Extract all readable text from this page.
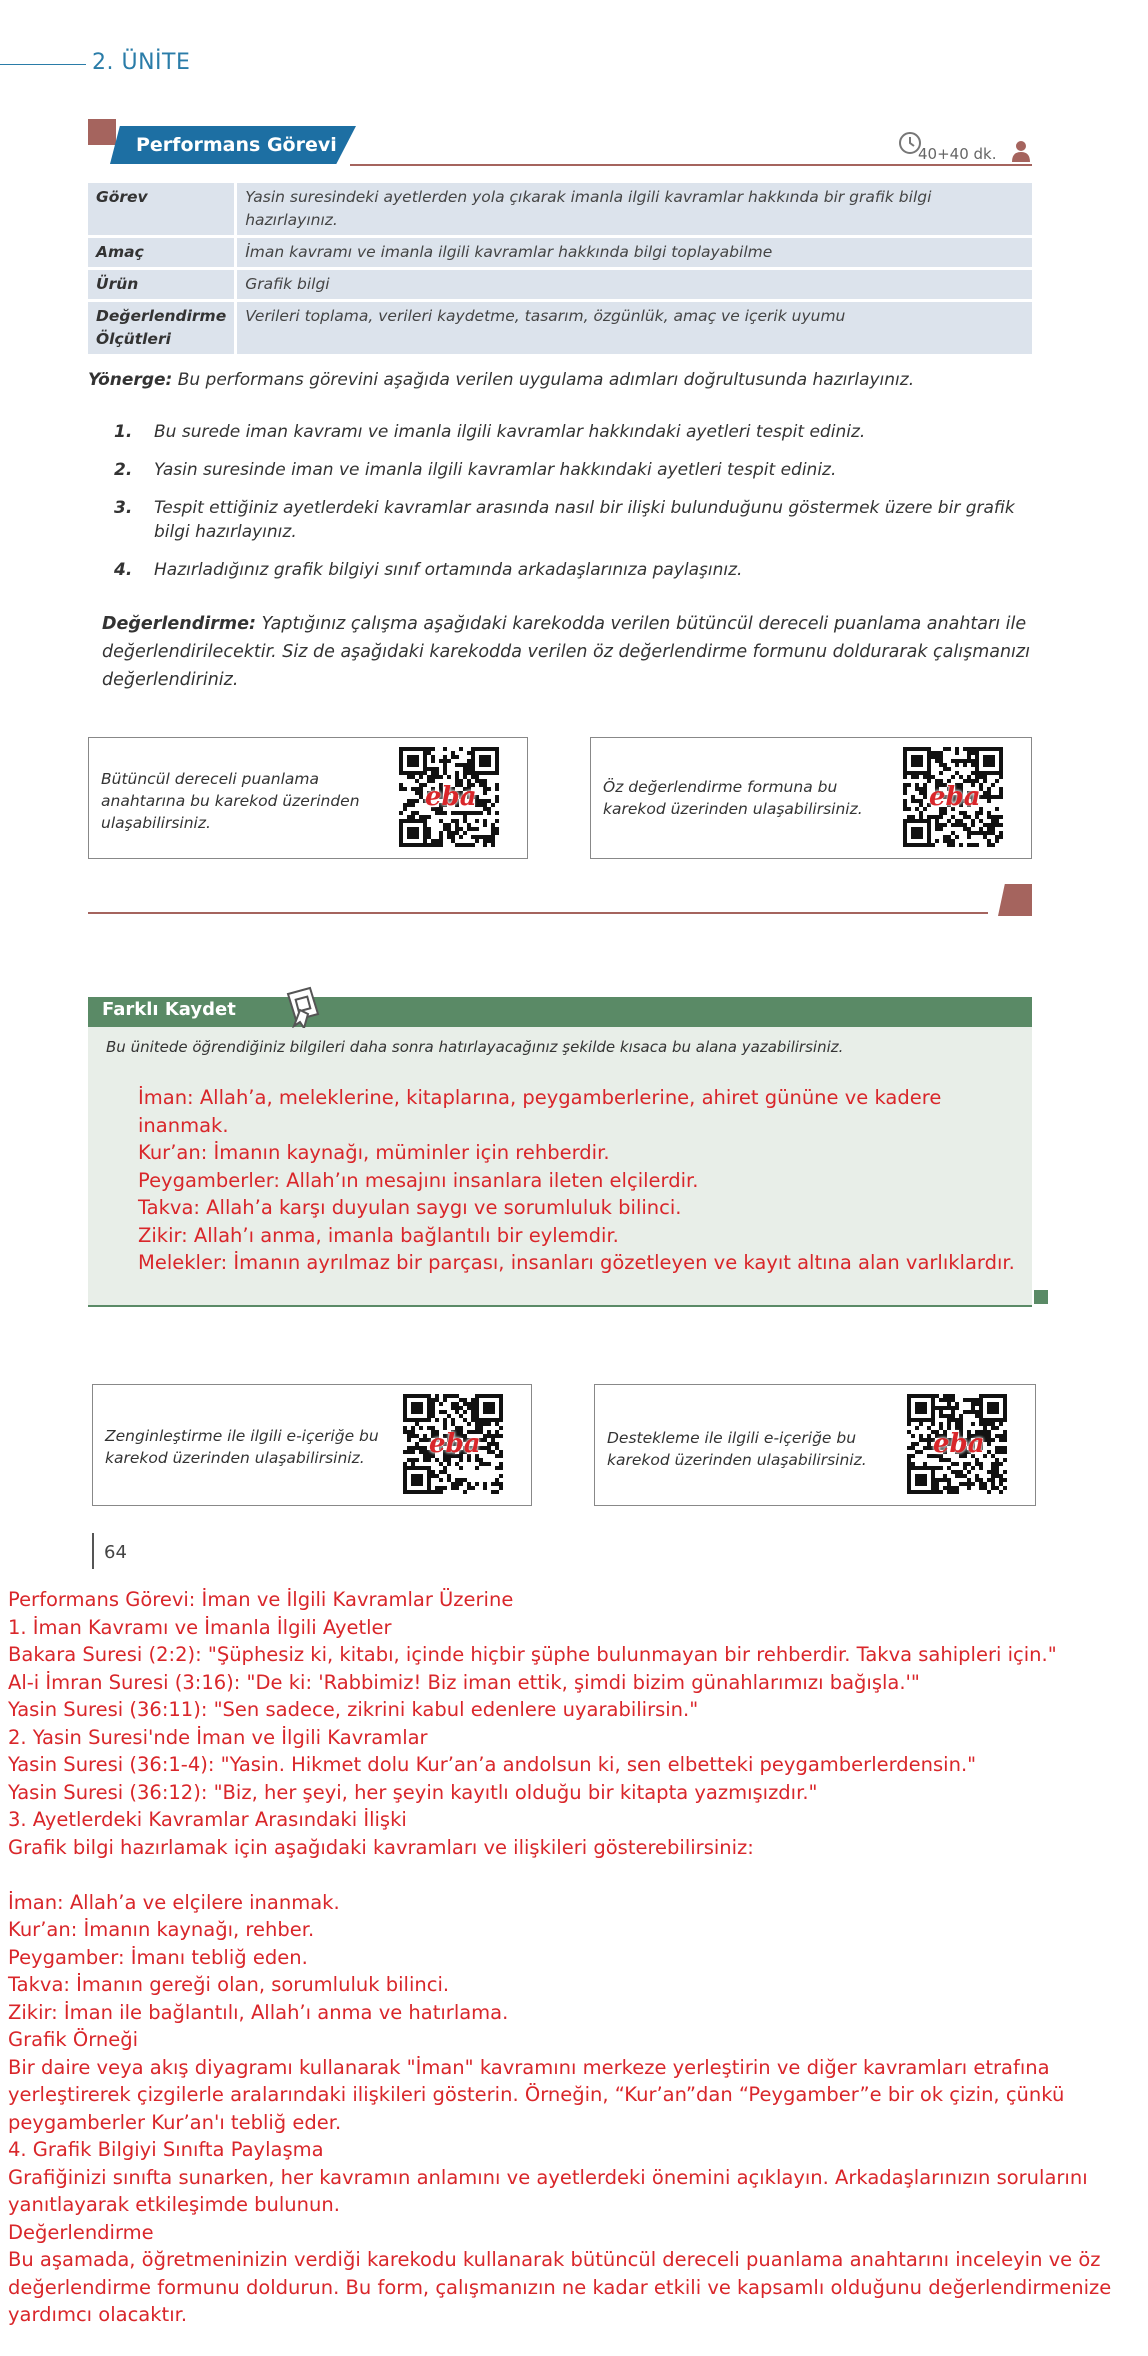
2. ÜNİTE
Performans Görevi	40+40 dk.
Görev	Yasin suresindeki ayetlerden yola çıkarak imanla ilgili kavramlar hakkında bir grafik bilgi hazırlayınız.
Amaç	İman kavramı ve imanla ilgili kavramlar hakkında bilgi toplayabilme
Ürün	Grafik bilgi
Değerlendirme Ölçütleri	Verileri toplama, verileri kaydetme, tasarım, özgünlük, amaç ve içerik uyumu
Yönerge: Bu performans görevini aşağıda verilen uygulama adımları doğrultusunda hazırlayınız.
1. Bu surede iman kavramı ve imanla ilgili kavramlar hakkındaki ayetleri tespit ediniz.
2. Yasin suresinde iman ve imanla ilgili kavramlar hakkındaki ayetleri tespit ediniz.
3. Tespit ettiğiniz ayetlerdeki kavramlar arasında nasıl bir ilişki bulunduğunu göstermek üzere bir grafik bilgi hazırlayınız.
4. Hazırladığınız grafik bilgiyi sınıf ortamında arkadaşlarınıza paylaşınız.
Değerlendirme: Yaptığınız çalışma aşağıdaki karekodda verilen bütüncül dereceli puanlama anahtarı ile değerlendirilecektir. Siz de aşağıdaki karekodda verilen öz değerlendirme formunu doldurarak çalışmanızı değerlendiriniz.
Bütüncül dereceli puanlama anahtarına bu karekod üzerinden ulaşabilirsiniz.
eba	Öz değerlendirme formuna bu karekod üzerinden ulaşabilirsiniz.	eba
Farklı Kaydet
Bu ünitede öğrendiğiniz bilgileri daha sonra hatırlayacağınız şekilde kısaca bu alana yazabilirsiniz.
İman: Allah’a, meleklerine, kitaplarına, peygamberlerine, ahiret gününe ve kadere inanmak.
Kur’an: İmanın kaynağı, müminler için rehberdir.
Peygamberler: Allah’ın mesajını insanlara ileten elçilerdir.
Takva: Allah’a karşı duyulan saygı ve sorumluluk bilinci.
Zikir: Allah’ı anma, imanla bağlantılı bir eylemdir.
Melekler: İmanın ayrılmaz bir parçası, insanları gözetleyen ve kayıt altına alan varlıklardır.
Zenginleştirme ile ilgili e-içeriğe bu karekod üzerinden ulaşabilirsiniz.	eba	Destekleme ile ilgili e-içeriğe bu karekod üzerinden ulaşabilirsiniz.
eba
64
Performans Görevi: İman ve İlgili Kavramlar Üzerine
1. İman Kavramı ve İmanla İlgili Ayetler
Bakara Suresi (2:2): "Şüphesiz ki, kitabı, içinde hiçbir şüphe bulunmayan bir rehberdir. Takva sahipleri için."
Al-i İmran Suresi (3:16): "De ki: 'Rabbimiz! Biz iman ettik, şimdi bizim günahlarımızı bağışla.'"
Yasin Suresi (36:11): "Sen sadece, zikrini kabul edenlere uyarabilirsin."
2. Yasin Suresi'nde İman ve İlgili Kavramlar
Yasin Suresi (36:1-4): "Yasin. Hikmet dolu Kur’an’a andolsun ki, sen elbetteki peygamberlerdensin."
Yasin Suresi (36:12): "Biz, her şeyi, her şeyin kayıtlı olduğu bir kitapta yazmışızdır."
3. Ayetlerdeki Kavramlar Arasındaki İlişki
Grafik bilgi hazırlamak için aşağıdaki kavramları ve ilişkileri gösterebilirsiniz:
İman: Allah’a ve elçilere inanmak.
Kur’an: İmanın kaynağı, rehber.
Peygamber: İmanı tebliğ eden.
Takva: İmanın gereği olan, sorumluluk bilinci.
Zikir: İman ile bağlantılı, Allah’ı anma ve hatırlama.
Grafik Örneği
Bir daire veya akış diyagramı kullanarak "İman" kavramını merkeze yerleştirin ve diğer kavramları etrafına yerleştirerek çizgilerle aralarındaki ilişkileri gösterin. Örneğin, “Kur’an”dan “Peygamber”e bir ok çizin, çünkü peygamberler Kur’an'ı tebliğ eder.
4. Grafik Bilgiyi Sınıfta Paylaşma
Grafiğinizi sınıfta sunarken, her kavramın anlamını ve ayetlerdeki önemini açıklayın. Arkadaşlarınızın sorularını yanıtlayarak etkileşimde bulunun.
Değerlendirme
Bu aşamada, öğretmeninizin verdiği karekodu kullanarak bütüncül dereceli puanlama anahtarını inceleyin ve öz değerlendirme formunu doldurun. Bu form, çalışmanızın ne kadar etkili ve kapsamlı olduğunu değerlendirmenize yardımcı olacaktır.
